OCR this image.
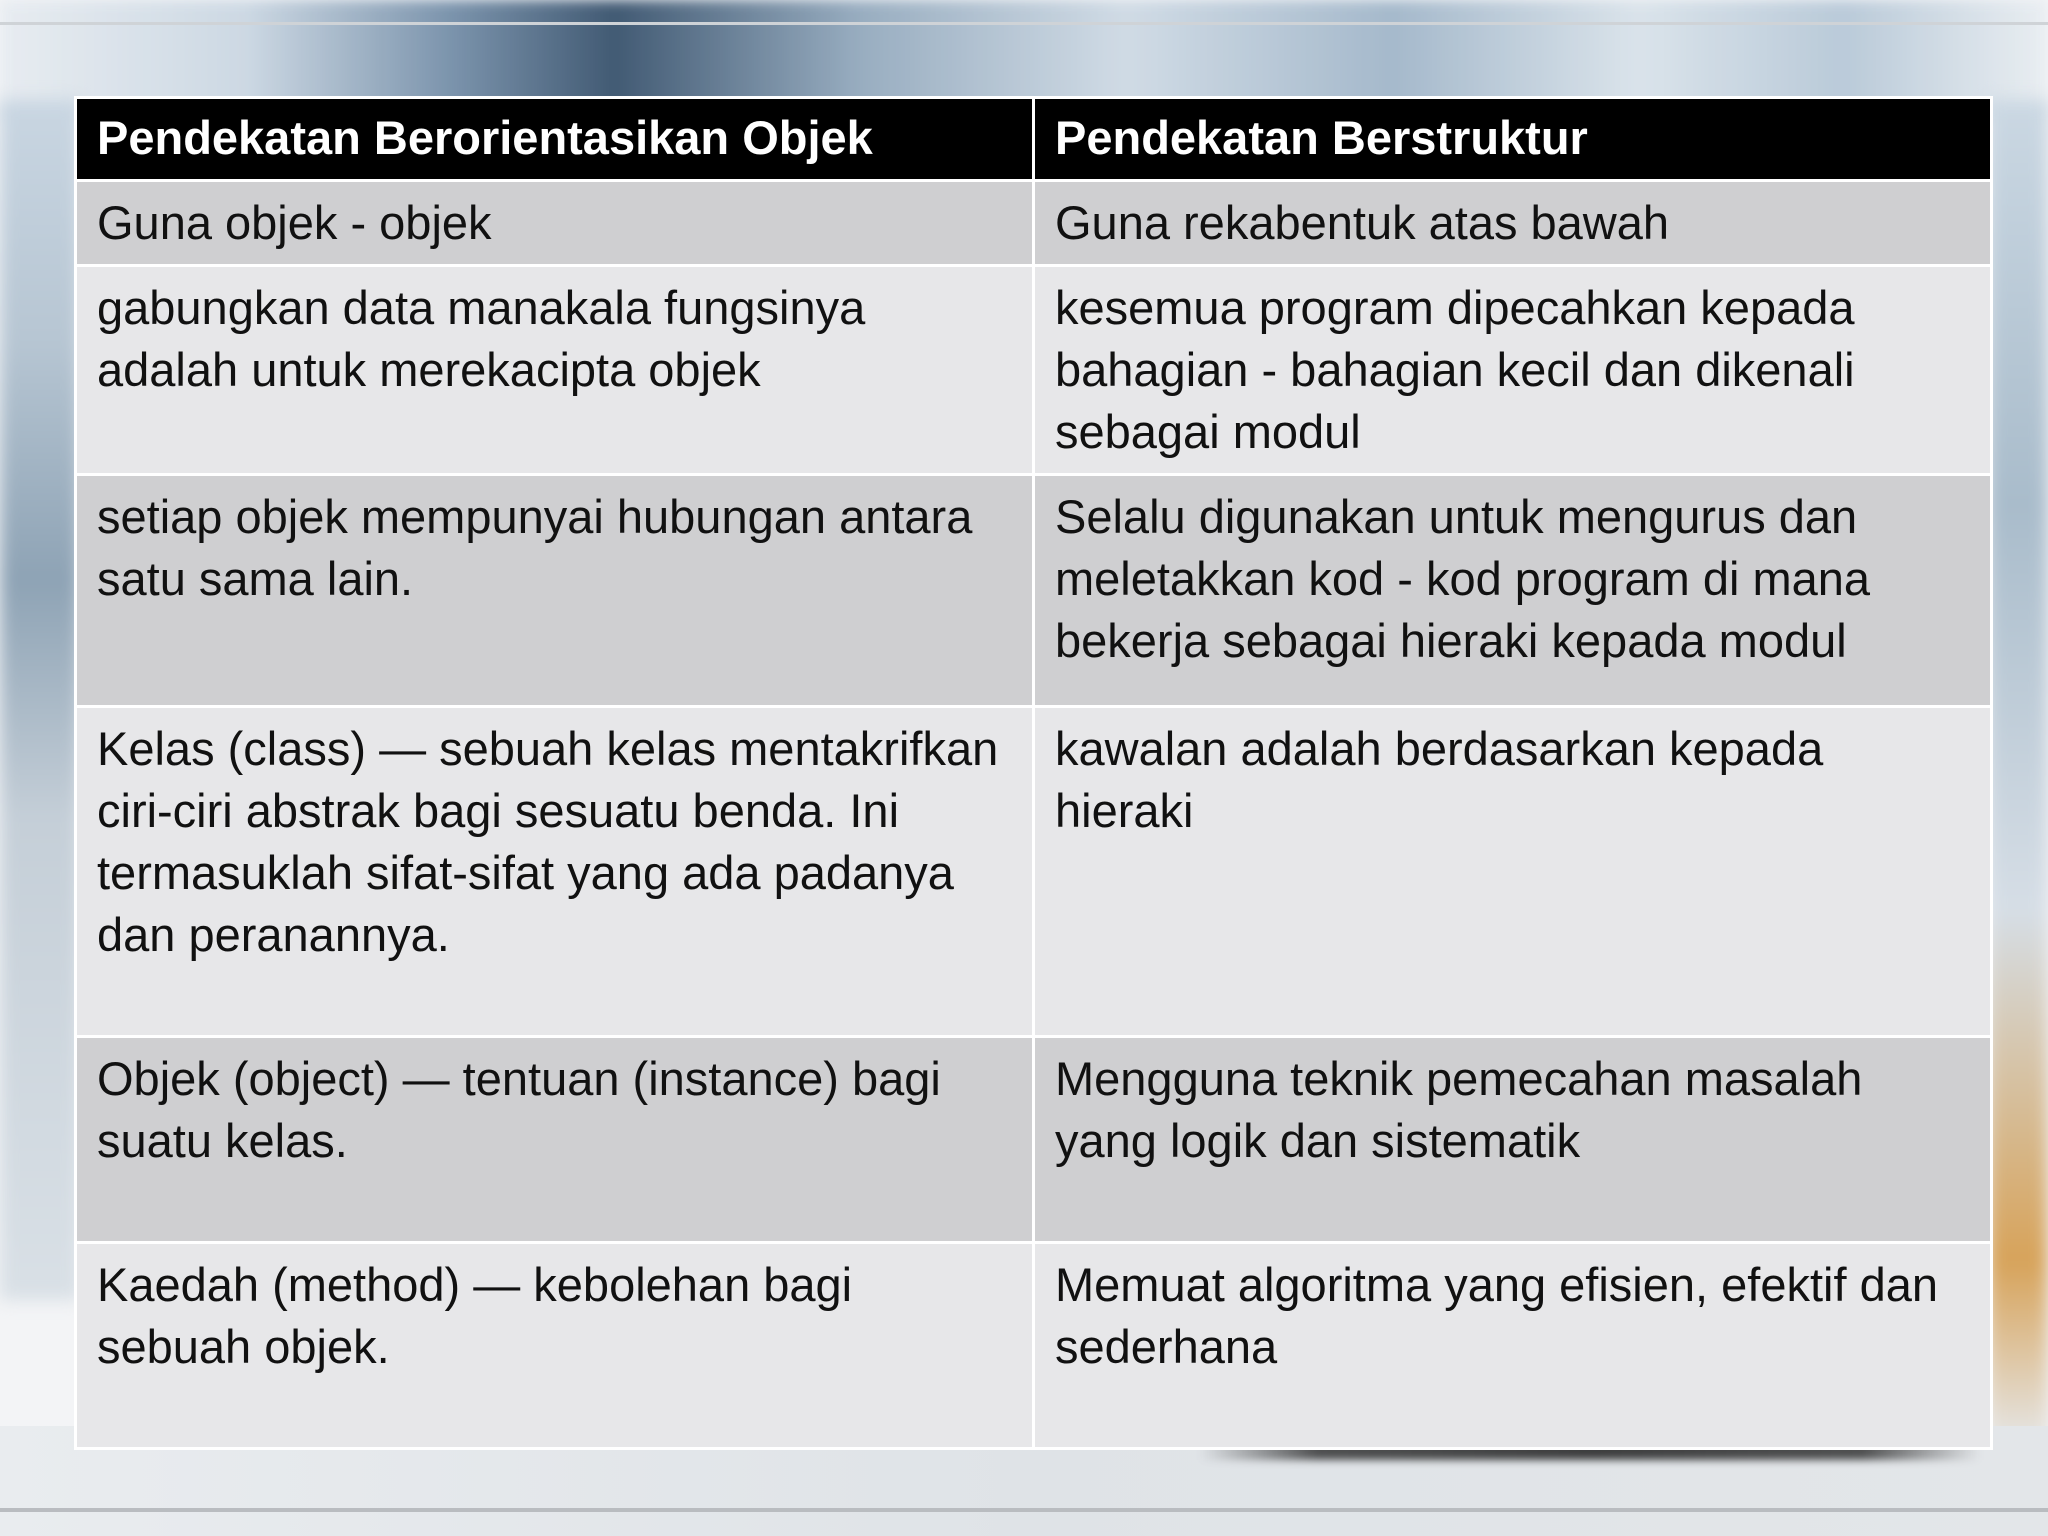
Pendekatan Berorientasikan Objek	Pendekatan Berstruktur
Guna objek - objek	Guna rekabentuk atas bawah
gabungkan data manakala fungsinya adalah untuk merekacipta objek	kesemua program dipecahkan kepada bahagian - bahagian kecil dan dikenali sebagai modul
setiap objek mempunyai hubungan antara satu sama lain.	Selalu digunakan untuk mengurus dan meletakkan kod - kod program di mana bekerja sebagai hieraki kepada modul
Kelas (class) — sebuah kelas mentakrifkan ciri-ciri abstrak bagi sesuatu benda. Ini termasuklah sifat-sifat yang ada padanya dan peranannya.	kawalan adalah berdasarkan kepada hieraki
Objek (object) — tentuan (instance) bagi suatu kelas.	Mengguna teknik pemecahan masalah yang logik dan sistematik
Kaedah (method) — kebolehan bagi sebuah objek.	Memuat algoritma yang efisien, efektif dan sederhana
